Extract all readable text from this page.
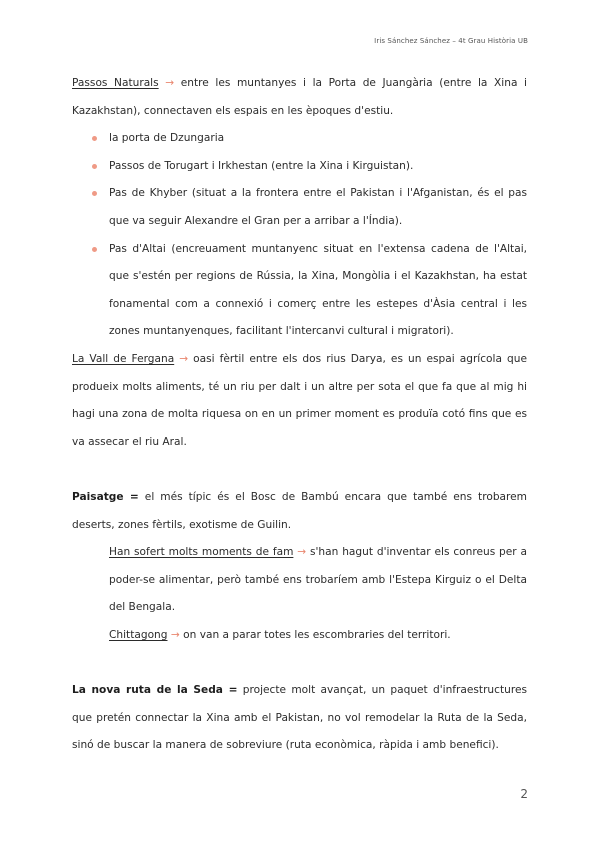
Iris Sánchez Sánchez – 4t Grau Història UB

Passos Naturals → entre les muntanyes i la Porta de Juangària (entre la Xina i Kazakhstan), connectaven els espais en les èpoques d'estiu.

la porta de Dzungaria
Passos de Torugart i Irkhestan (entre la Xina i Kirguistan).
Pas de Khyber (situat a la frontera entre el Pakistan i l'Afganistan, és el pas que va seguir Alexandre el Gran per a arribar a l'Índia).
Pas d'Altai (encreuament muntanyenc situat en l'extensa cadena de l'Altai, que s'estén per regions de Rússia, la Xina, Mongòlia i el Kazakhstan, ha estat fonamental com a connexió i comerç entre les estepes d'Àsia central i les zones muntanyenques, facilitant l'intercanvi cultural i migratori).

La Vall de Fergana → oasi fèrtil entre els dos rius Darya, es un espai agrícola que produeix molts aliments, té un riu per dalt i un altre per sota el que fa que al mig hi hagi una zona de molta riquesa on en un primer moment es produïa cotó fins que es va assecar el riu Aral.

Paisatge = el més típic és el Bosc de Bambú encara que també ens trobarem deserts, zones fèrtils, exotisme de Guilin.

Han sofert molts moments de fam → s'han hagut d'inventar els conreus per a poder-se alimentar, però també ens trobaríem amb l'Estepa Kirguiz o el Delta del Bengala.

Chittagong → on van a parar totes les escombraries del territori.

La nova ruta de la Seda = projecte molt avançat, un paquet d'infraestructures que pretén connectar la Xina amb el Pakistan, no vol remodelar la Ruta de la Seda, sinó de buscar la manera de sobreviure (ruta econòmica, ràpida i amb benefici).

2
